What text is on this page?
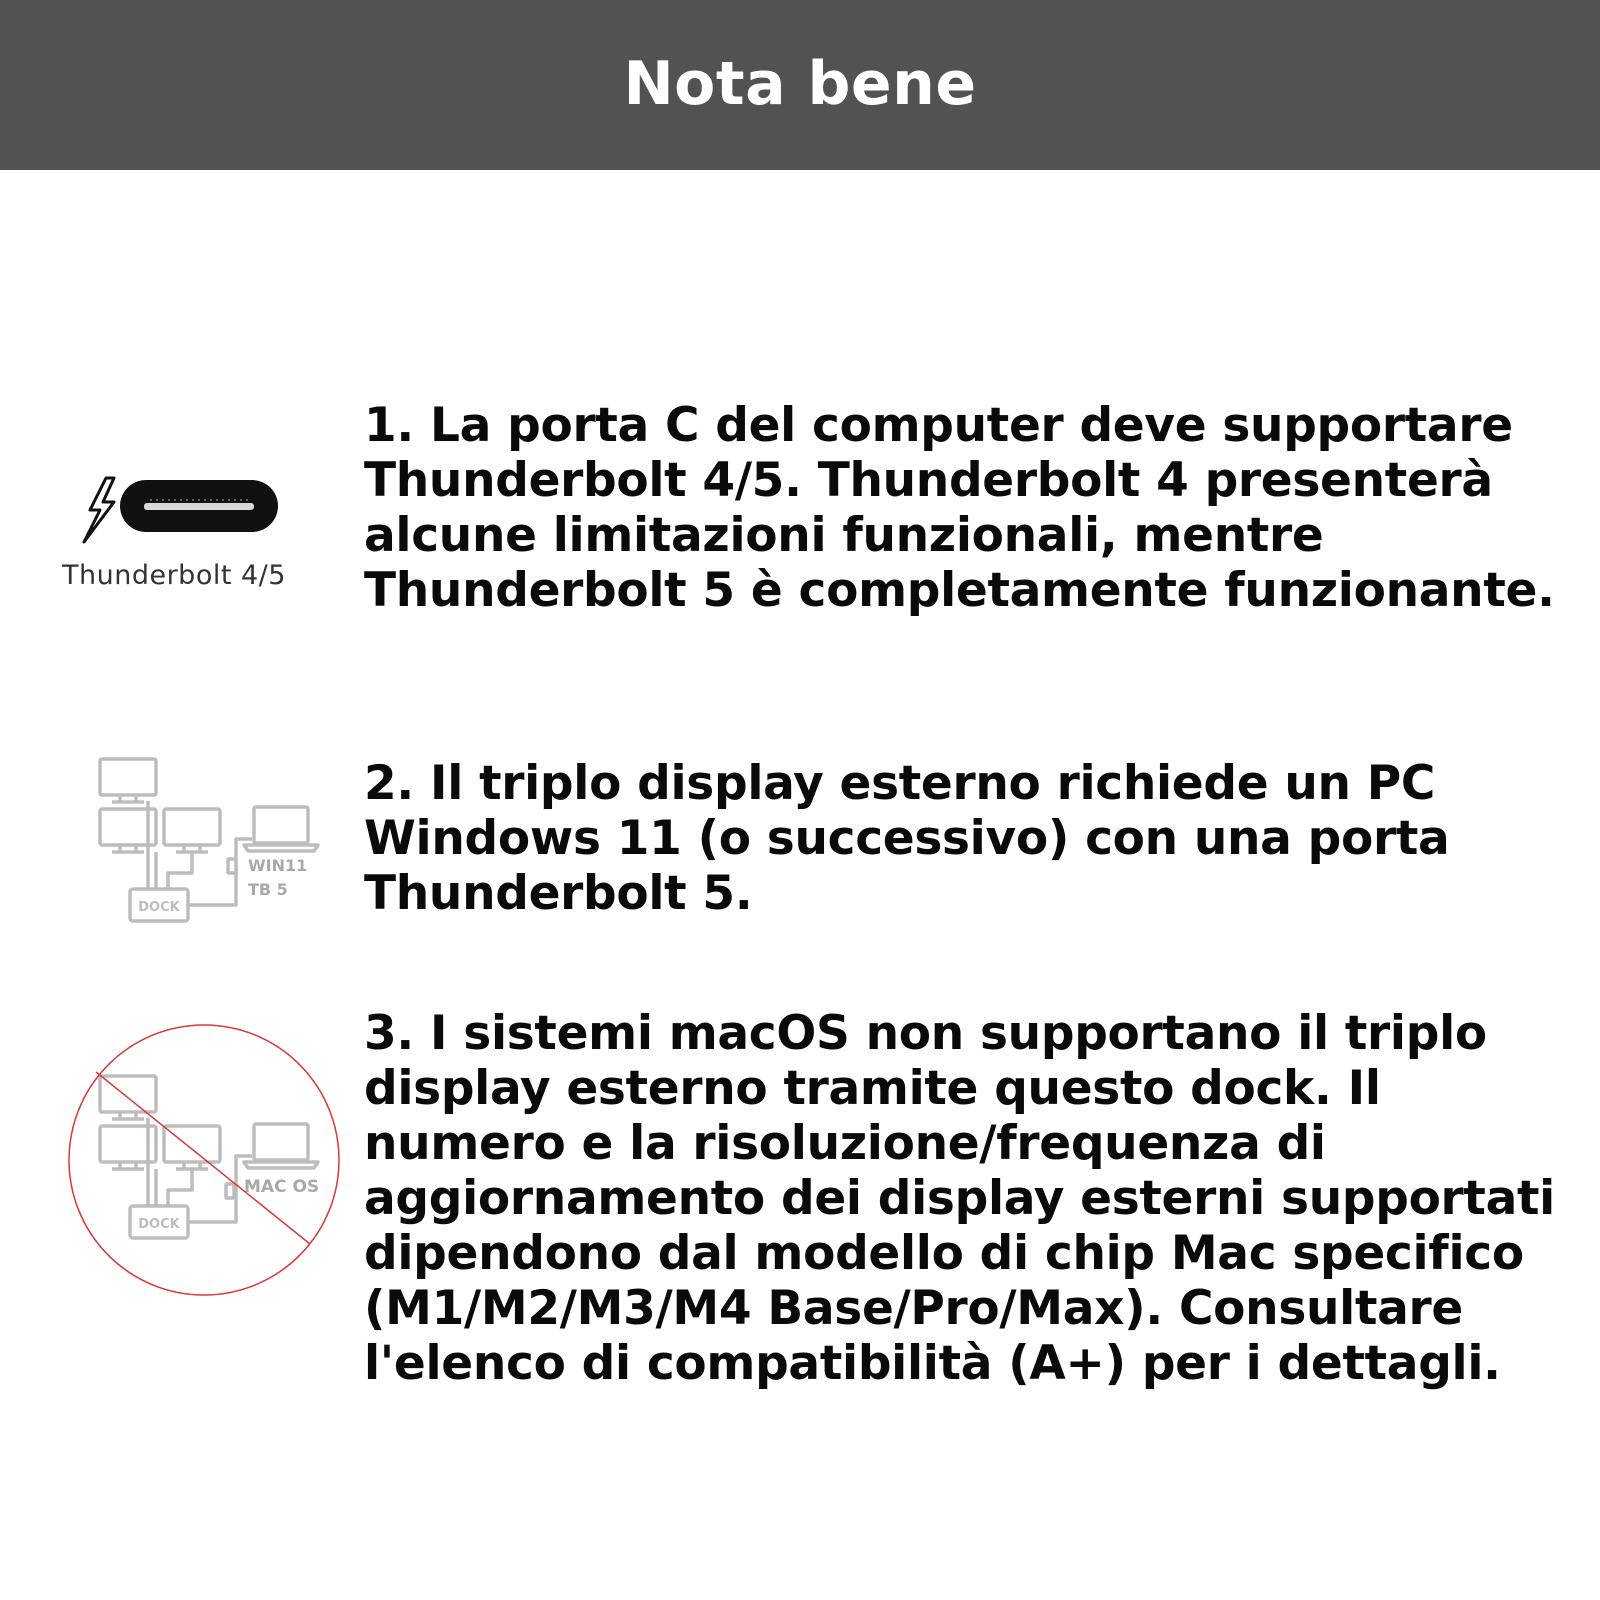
Nota bene
Thunderbolt 4/5
DOCK
WIN11
TB 5
DOCK
MAC OS
1. La porta C del computer deve supportare Thunderbolt 4/5. Thunderbolt 4 presenterà alcune limitazioni funzionali, mentre Thunderbolt 5 è completamente funzionante.
2. Il triplo display esterno richiede un PC Windows 11 (o successivo) con una porta Thunderbolt 5.
3. I sistemi macOS non supportano il triplo display esterno tramite questo dock. Il numero e la risoluzione/frequenza di aggiornamento dei display esterni supportati dipendono dal modello di chip Mac specifico (M1/M2/M3/M4 Base/Pro/Max). Consultare l'elenco di compatibilità (A+) per i dettagli.
